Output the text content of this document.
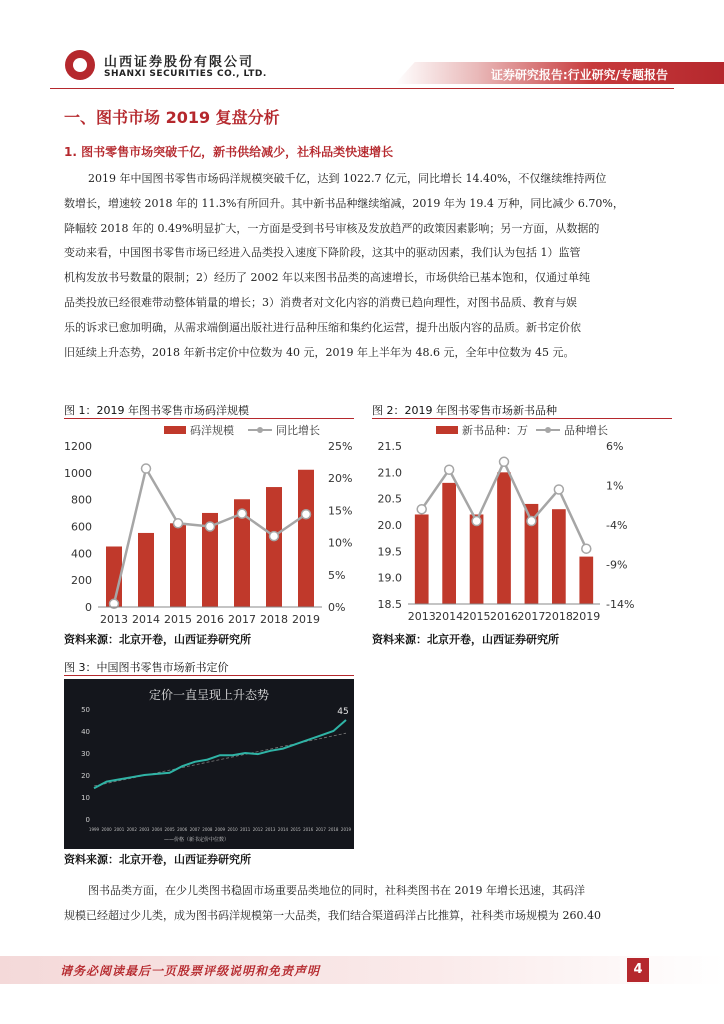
山西证券股份有限公司
SHANXI SECURITIES CO., LTD.	证券研究报告:行业研究/专题报告
一、图书市场 2019 复盘分析
1. 图书零售市场突破千亿，新书供给减少，社科品类快速增长
2019 年中国图书零售市场码洋规模突破千亿，达到 1022.7 亿元，同比增长 14.40%，不仅继续维持两位
数增长，增速较 2018 年的 11.3%有所回升。其中新书品种继续缩减，2019 年为 19.4 万种，同比减少 6.70%，
降幅较 2018 年的 0.49%明显扩大，一方面是受到书号审核及发放趋严的政策因素影响；另一方面，从数据的
变动来看，中国图书零售市场已经进入品类投入速度下降阶段，这其中的驱动因素，我们认为包括 1）监管
机构发放书号数量的限制；2）经历了 2002 年以来图书品类的高速增长，市场供给已基本饱和，仅通过单纯
品类投放已经很难带动整体销量的增长；3）消费者对文化内容的消费已趋向理性，对图书品质、教育与娱
乐的诉求已愈加明确，从需求端倒逼出版社进行品种压缩和集约化运营，提升出版内容的品质。新书定价依
旧延续上升态势，2018 年新书定价中位数为 40 元，2019 年上半年为 48.6 元，全年中位数为 45 元。
图 1：2019 年图书零售市场码洋规模	图 2：2019 年图书零售市场新书品种
码洋规模	同比增长
0
200
400
600
800
1000
1200
0%
5%
10%
15%
20%
25%
2013 2014 2015 2016 2017 2018 2019
新书品种：万	品种增长
18.5
19.0
19.5
20.0
20.5
21.0
21.5
-14%
-9%
-4%
1%
6%
2013 2014 2015 2016 2017 2018 2019
资料来源：北京开卷，山西证券研究所	资料来源：北京开卷，山西证券研究所
图 3：中国图书零售市场新书定价
定价一直呈现上升态势
0
10
20
30
40
50
1999 2000 2001 2002 2003 2004 2005 2006 2007 2008 2009 2010 2011 2012 2013 2014 2015 2016 2017 2018 2019
45
——价格（新书定价中位数）
资料来源：北京开卷，山西证券研究所
图书品类方面，在少儿类图书稳固市场重要品类地位的同时，社科类图书在 2019 年增长迅速，其码洋
规模已经超过少儿类，成为图书码洋规模第一大品类，我们结合渠道码洋占比推算，社科类市场规模为 260.40
请务必阅读最后一页股票评级说明和免责声明	4
